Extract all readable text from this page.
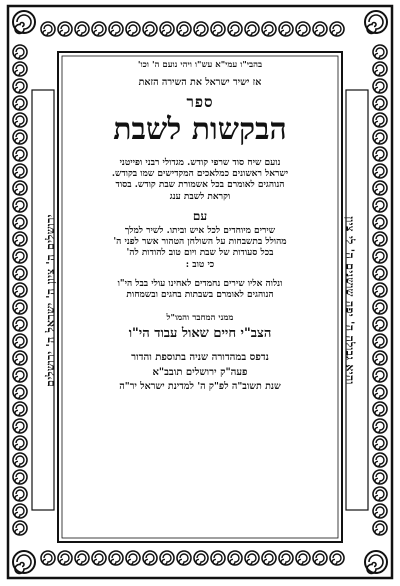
ירושלים ה' ציון ה' ישראל ה' ירושלים	והיא גבולה ה' יפה שושנים ה' לי ציון
בהבי"ו עמי"א עש"ו ויהי נועם ה' וכו'
אז ישיר ישראל את השירה הזאת
ספר
הבקשות לשבת
נועם שיח סוד שרפי קודש. מגדולי רבני ופייטני
ישראל ראשונים כמלאכים המקדישים שמו בקודש.
הנוהגים לאומרם בכל אשמורת שבת קודש. בסוד
וקראת לשבת ענג
עם
שירים מיוחדים לכל איש וביתו. לשיר למלך
מהולל בתשבחות על השולחן הטהור אשר לפני ה'
בכל סעודות של שבת ויום טוב להודות לה'
כי טוב :
ונלוה אליו שירים נחמדים לאחינו עולי בבל הי"ו
הנוהגים לאומרם בשבתות בחגים ובשמחות
ממני המחבר והמו"ל
הצב"י חיים שאול עבוד הי"ו
נדפס במהדורה שניה בתוספת והדור
פעה"ק ירושלים תובב"א
שנת תשוב"ה לפ"ק ה' למדינת ישראל יר"ה
